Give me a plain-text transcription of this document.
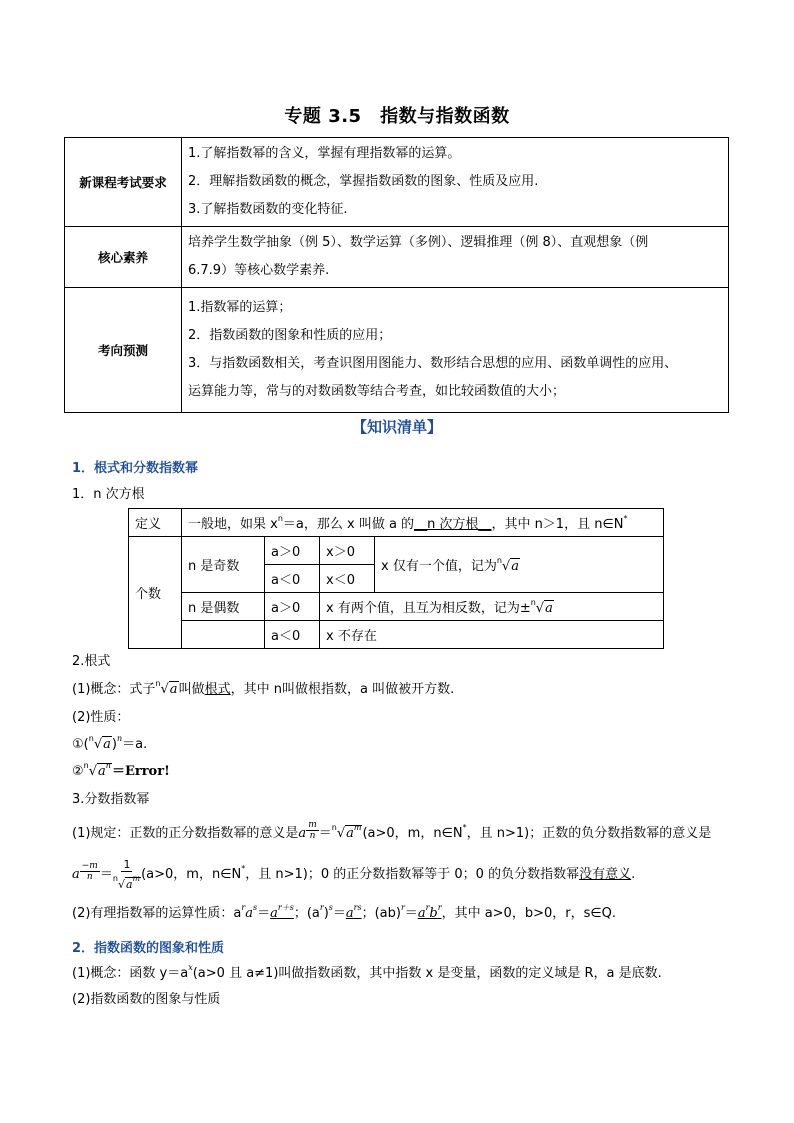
专题 3.5　指数与指数函数
新课程考试要求	1.了解指数幂的含义，掌握有理指数幂的运算。
2．理解指数函数的概念，掌握指数函数的图象、性质及应用.
3.了解指数函数的变化特征.

核心素养	培养学生数学抽象（例 5）、数学运算（多例）、逻辑推理（例 8）、直观想象（例
6.7.9）等核心数学素养.

考向预测	1.指数幂的运算；
2．指数函数的图象和性质的应用；
3．与指数函数相关，考查识图用图能力、数形结合思想的应用、函数单调性的应用、
运算能力等，常与的对数函数等结合考查，如比较函数值的大小；
【知识清单】
1．根式和分数指数幂
1．n 次方根
定义	一般地，如果 $x^n=a$，那么 x 叫做 a 的__n 次方根__，其中 n＞1，且 n∈N*
个数	n 是奇数	a＞0	x＞0	x 仅有一个值，记为$^n$√a
		a＜0	x＜0	
	n 是偶数	a＞0	x 有两个值，且互为相反数，记为±$^n$√a	
		a＜0	x 不存在	
2.根式
(1)概念：式子$^n$√a叫做根式，其中 n叫做根指数，a 叫做被开方数.
(2)性质：
$①(^n√a)^n=a$.
$②^n√a^n=Error$!
3.分数指数幂
(1)规定：正数的正分数指数幂的意义是a $\frac{m}{n} =^n√a^m(a>0$，m，n∈N*，且 n>1)；正数的负分数指数幂的意义是
a $\frac{-m}{n} = \frac{1}{^n√a^m} (a>0$，m，n∈N*，且 n>1)；0 的正分数指数幂等于 0；0 的负分数指数幂没有意义.
(2)有理指数幂的运算性质：$a^ra^s=a^{r+s}$；$(a^r)^s=a^{rs}$；$(ab)^r=a^rb^r$，其中 a>0，b>0，r，s∈Q.
2．指数函数的图象和性质
(1)概念：函数 $y=a^x(a>0$ 且 a≠1)叫做指数函数，其中指数 x 是变量，函数的定义域是 R，a 是底数.
(2)指数函数的图象与性质
